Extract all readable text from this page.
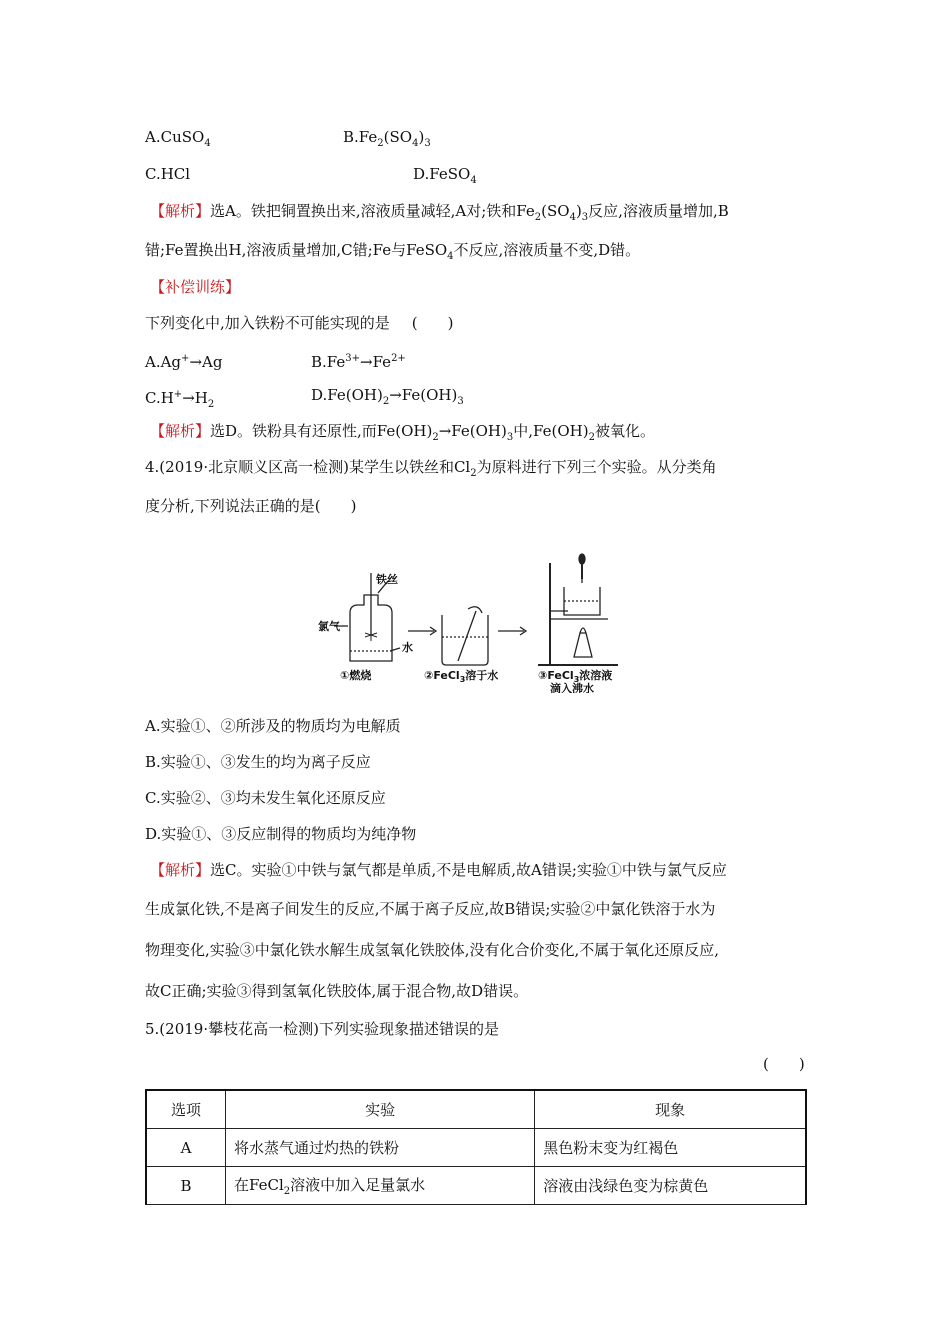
A.CuSO$_4$	$B.Fe_2(SO_4)_3$
C.HCl	D.FeSO$_4$
【解析】选A。铁把铜置换出来,溶液质量减轻,A对;铁和$Fe_2(SO_4)_3$反应,溶液质量增加,B
错;Fe置换出H,溶液质量增加,C错;Fe与FeSO$_4$不反应,溶液质量不变,D错。
【补偿训练】
下列变化中,加入铁粉不可能实现的是 (　　)
A.Ag+→Ag	$B.Fe^{3+}\to Fe^{2+}$
$C.H^+\to H_2$
$D.Fe(OH)_2\to Fe(OH)_3$
【解析】选D。铁粉具有还原性,而$Fe(OH)_2\to Fe(OH)_3$中$,Fe(OH)_2$被氧化。
4.(2019·北京顺义区高一检测)某学生以铁丝和$Cl_2$为原料进行下列三个实验。从分类角
度分析,下列说法正确的是(　　)
铁丝
氯气
水
①燃烧	②FeCl$_3$溶于水	③FeCl$_3$浓溶液
滴入沸水
A.实验①、②所涉及的物质均为电解质
B.实验①、③发生的均为离子反应
C.实验②、③均未发生氧化还原反应
D.实验①、③反应制得的物质均为纯净物
【解析】选C。实验①中铁与氯气都是单质,不是电解质,故A错误;实验①中铁与氯气反应
生成氯化铁,不是离子间发生的反应,不属于离子反应,故B错误;实验②中氯化铁溶于水为
物理变化,实验③中氯化铁水解生成氢氧化铁胶体,没有化合价变化,不属于氧化还原反应,
故C正确;实验③得到氢氧化铁胶体,属于混合物,故D错误。
5.(2019·攀枝花高一检测)下列实验现象描述错误的是
(　　)
选项	实验	现象
A	将水蒸气通过灼热的铁粉	黑色粉末变为红褐色
B	在FeCl$_2$溶液中加入足量氯水	溶液由浅绿色变为棕黄色
